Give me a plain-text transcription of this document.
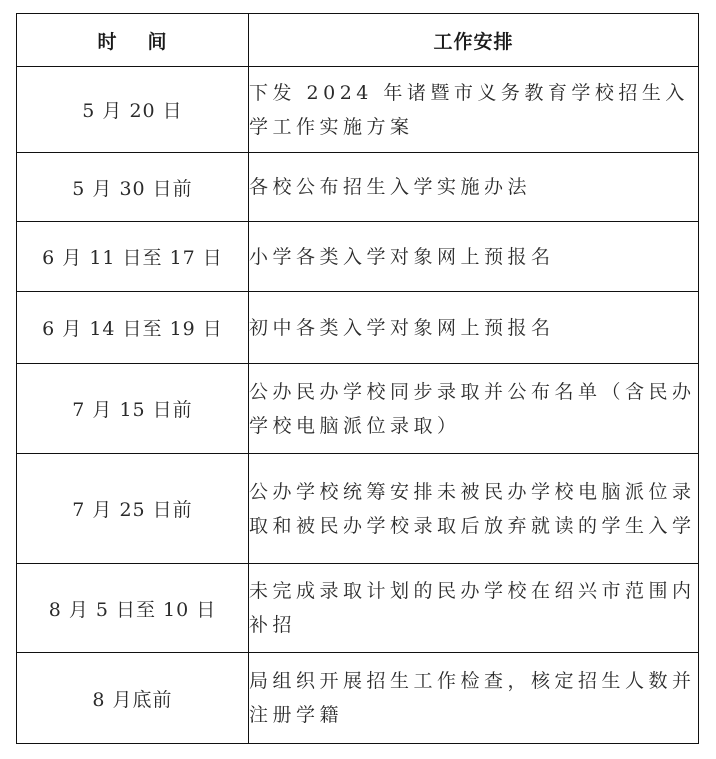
时 间	工作安排
5 月 20 日	下发 2024 年诸暨市义务教育学校招生入学工作实施方案
5 月 30 日前	各校公布招生入学实施办法
6 月 11 日至 17 日	小学各类入学对象网上预报名
6 月 14 日至 19 日	初中各类入学对象网上预报名
7 月 15 日前	公办民办学校同步录取并公布名单（含民办学校电脑派位录取）
7 月 25 日前	公办学校统筹安排未被民办学校电脑派位录取和被民办学校录取后放弃就读的学生入学
8 月 5 日至 10 日	未完成录取计划的民办学校在绍兴市范围内补招
8 月底前	局组织开展招生工作检查，核定招生人数并注册学籍
